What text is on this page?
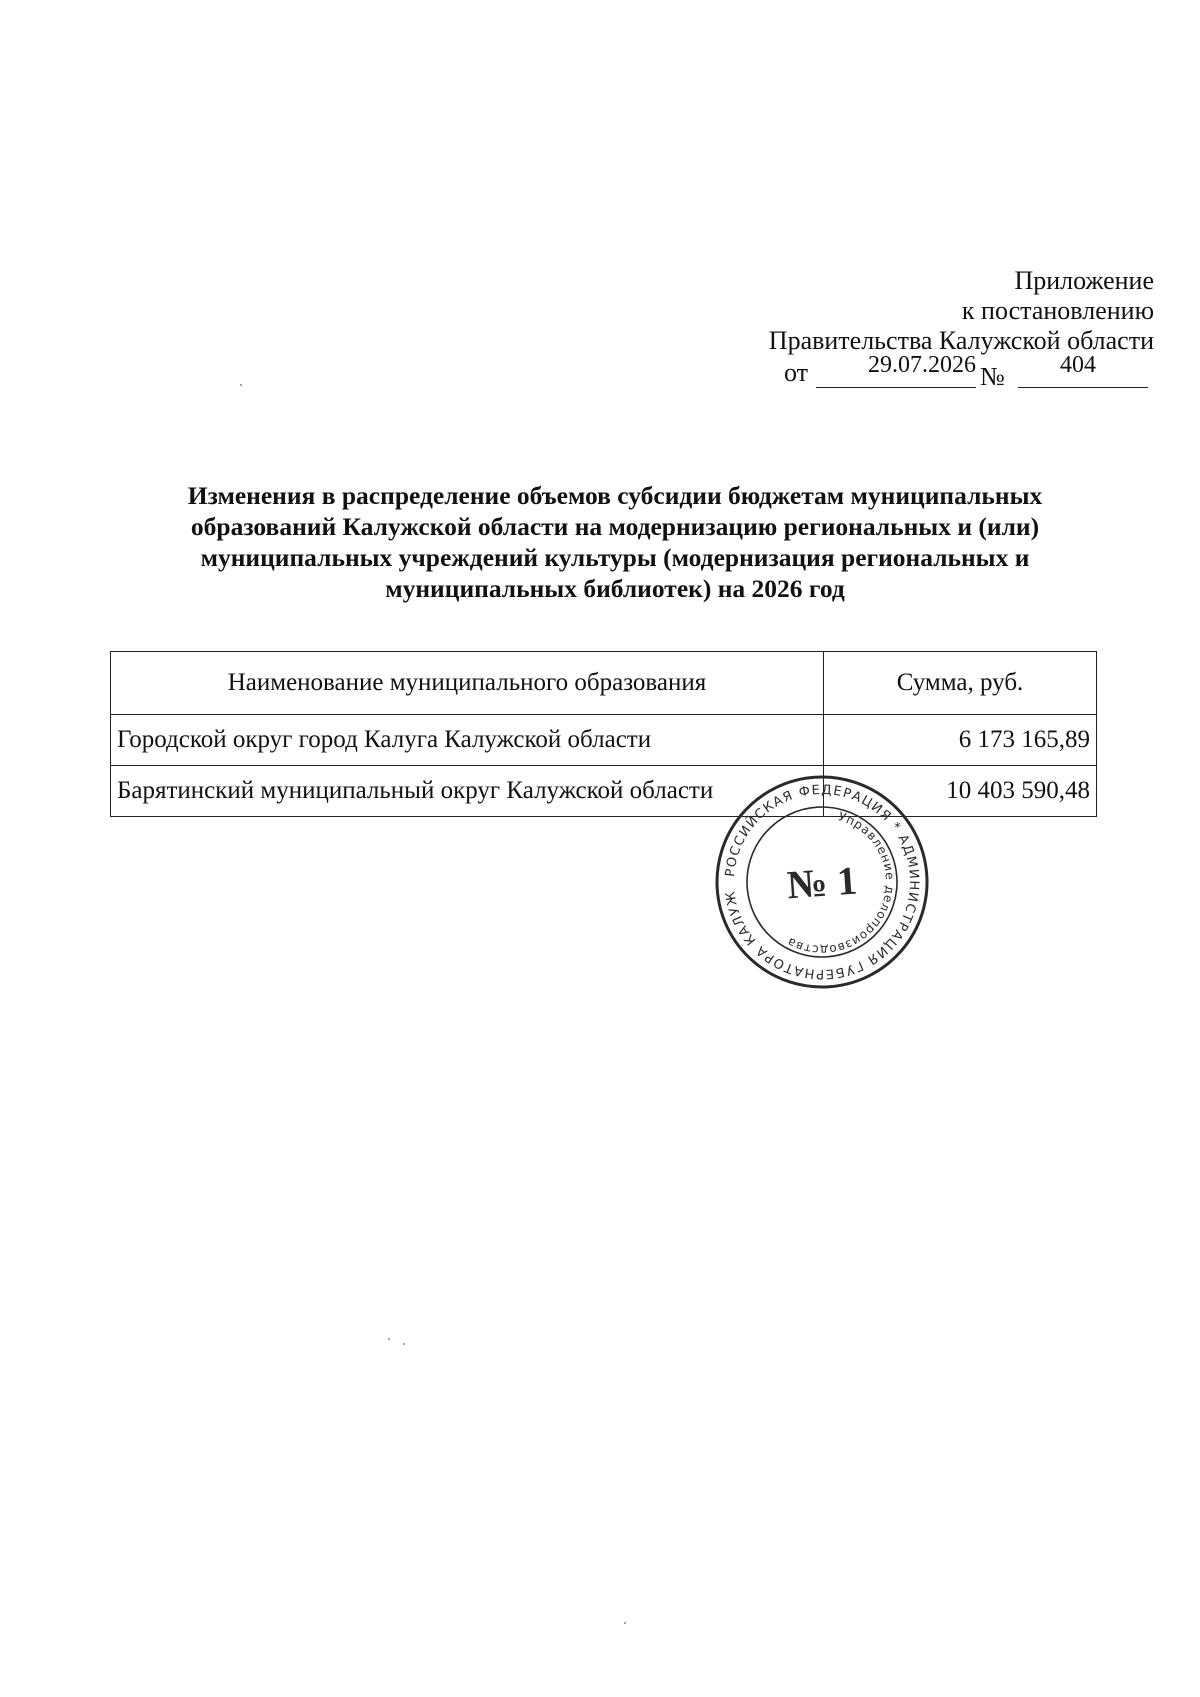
Приложение
к постановлению
Правительства Калужской области
от 29.07.2026 № 404
Изменения в распределение объемов субсидии бюджетам муниципальных образований Калужской области на модернизацию региональных и (или) муниципальных учреждений культуры (модернизация региональных и муниципальных библиотек) на 2026 год
Наименование муниципального образования	Сумма, руб.
Городской округ город Калуга Калужской области	6 173 165,89
Барятинский муниципальный округ Калужской области	10 403 590,48
РОССИЙСКАЯ ФЕДЕРАЦИЯ * АДМИНИСТРАЦИЯ ГУБЕРНАТОРА КАЛУЖСКОЙ ОБЛАСТИ *
Управление делопроизводства
№ 1
